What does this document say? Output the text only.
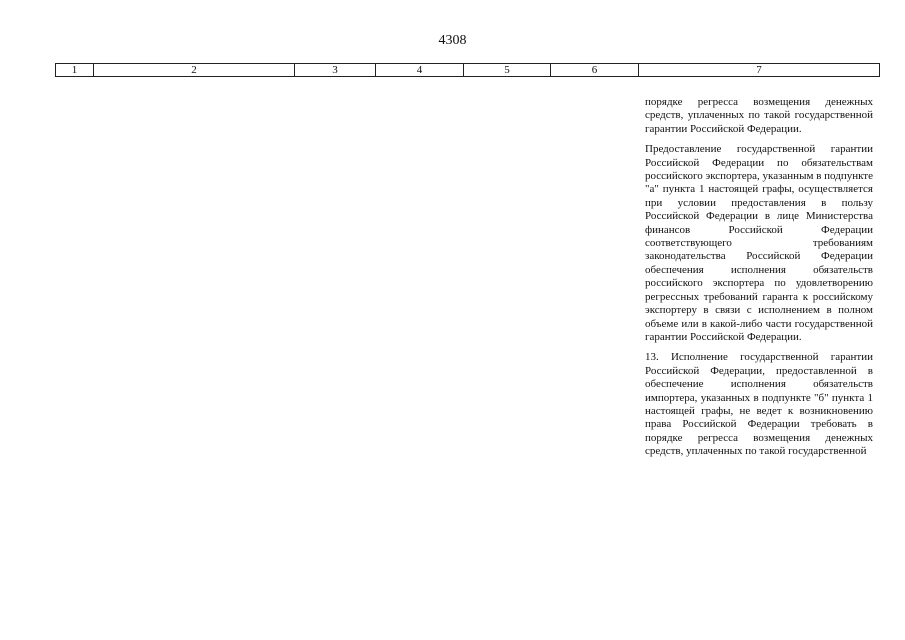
4308
1	2	3	4	5	6	7

порядке регресса возмещения денежных средств, уплаченных по такой государственной гарантии Российской Федерации.

Предоставление государственной гарантии Российской Федерации по обязательствам российского экспортера, указанным в подпункте "а" пункта 1 настоящей графы, осуществляется при условии предоставления в пользу Российской Федерации в лице Министерства финансов Российской Федерации соответствующего требованиям законодательства Российской Федерации обеспечения исполнения обязательств российского экспортера по удовлетворению регрессных требований гаранта к российскому экспортеру в связи с исполнением в полном объеме или в какой-либо части государственной гарантии Российской Федерации.

13. Исполнение государственной гарантии Российской Федерации, предоставленной в обеспечение исполнения обязательств импортера, указанных в подпункте "б" пункта 1 настоящей графы, не ведет к возникновению права Российской Федерации требовать в порядке регресса возмещения денежных средств, уплаченных по такой государственной
